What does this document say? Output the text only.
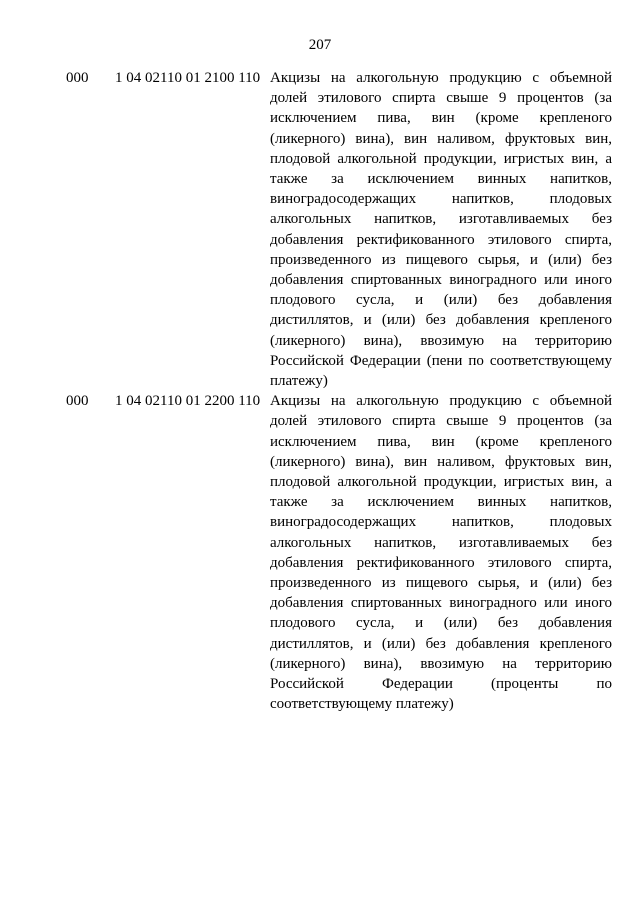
207
000 1 04 02110 01 2100 110 Акцизы на алкогольную продукцию с объемной
долей этилового спирта свыше 9 процентов (за
исключением пива, вин (кроме крепленого
(ликерного) вина), вин наливом, фруктовых вин,
плодовой алкогольной продукции, игристых вин, а
также за исключением винных напитков,
виноградосодержащих напитков, плодовых
алкогольных напитков, изготавливаемых без
добавления ректификованного этилового спирта,
произведенного из пищевого сырья, и (или) без
добавления спиртованных виноградного или иного
плодового сусла, и (или) без добавления
дистиллятов, и (или) без добавления крепленого
(ликерного) вина), ввозимую на территорию
Российской Федерации (пени по соответствующему
платежу)
000 1 04 02110 01 2200 110 Акцизы на алкогольную продукцию с объемной
долей этилового спирта свыше 9 процентов (за
исключением пива, вин (кроме крепленого
(ликерного) вина), вин наливом, фруктовых вин,
плодовой алкогольной продукции, игристых вин, а
также за исключением винных напитков,
виноградосодержащих напитков, плодовых
алкогольных напитков, изготавливаемых без
добавления ректификованного этилового спирта,
произведенного из пищевого сырья, и (или) без
добавления спиртованных виноградного или иного
плодового сусла, и (или) без добавления
дистиллятов, и (или) без добавления крепленого
(ликерного) вина), ввозимую на территорию
Российской Федерации (проценты по
соответствующему платежу)
